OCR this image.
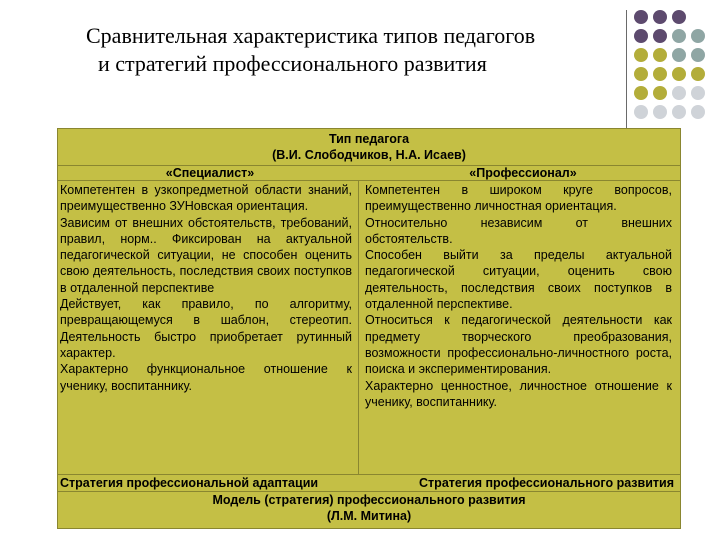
Сравнительная характеристика типов педагогов
и стратегий профессионального развития
Тип педагога
(В.И. Слободчиков, Н.А. Исаев)
«Специалист»	«Профессионал»

Компетентен в узкопредметной области знаний, преимущественно ЗУНовская ориентация.

Зависим от внешних обстоятельств, требований, правил, норм.. Фиксирован на актуальной педагогической ситуации, не способен оценить свою деятельность, последствия своих поступков в отдаленной перспективе

Действует, как правило, по алгоритму, превращающемуся в шаблон, стереотип. Деятельность быстро приобретает рутинный характер.

Характерно функциональное отношение к ученику, воспитаннику.

Компетентен в широком круге вопросов, преимущественно личностная ориентация.

Относительно независим от внешних обстоятельств.

Способен выйти за пределы актуальной педагогической ситуации, оценить свою деятельность, последствия своих поступков в отдаленной перспективе.

Относиться к педагогической деятельности как предмету творческого преобразования, возможности профессионально-личностного роста, поиска и экспериментирования.

Характерно ценностное, личностное отношение к ученику, воспитаннику.

Стратегия профессиональной адаптации	Стратегия профессионального развития
Модель (стратегия) профессионального развития
(Л.М. Митина)
